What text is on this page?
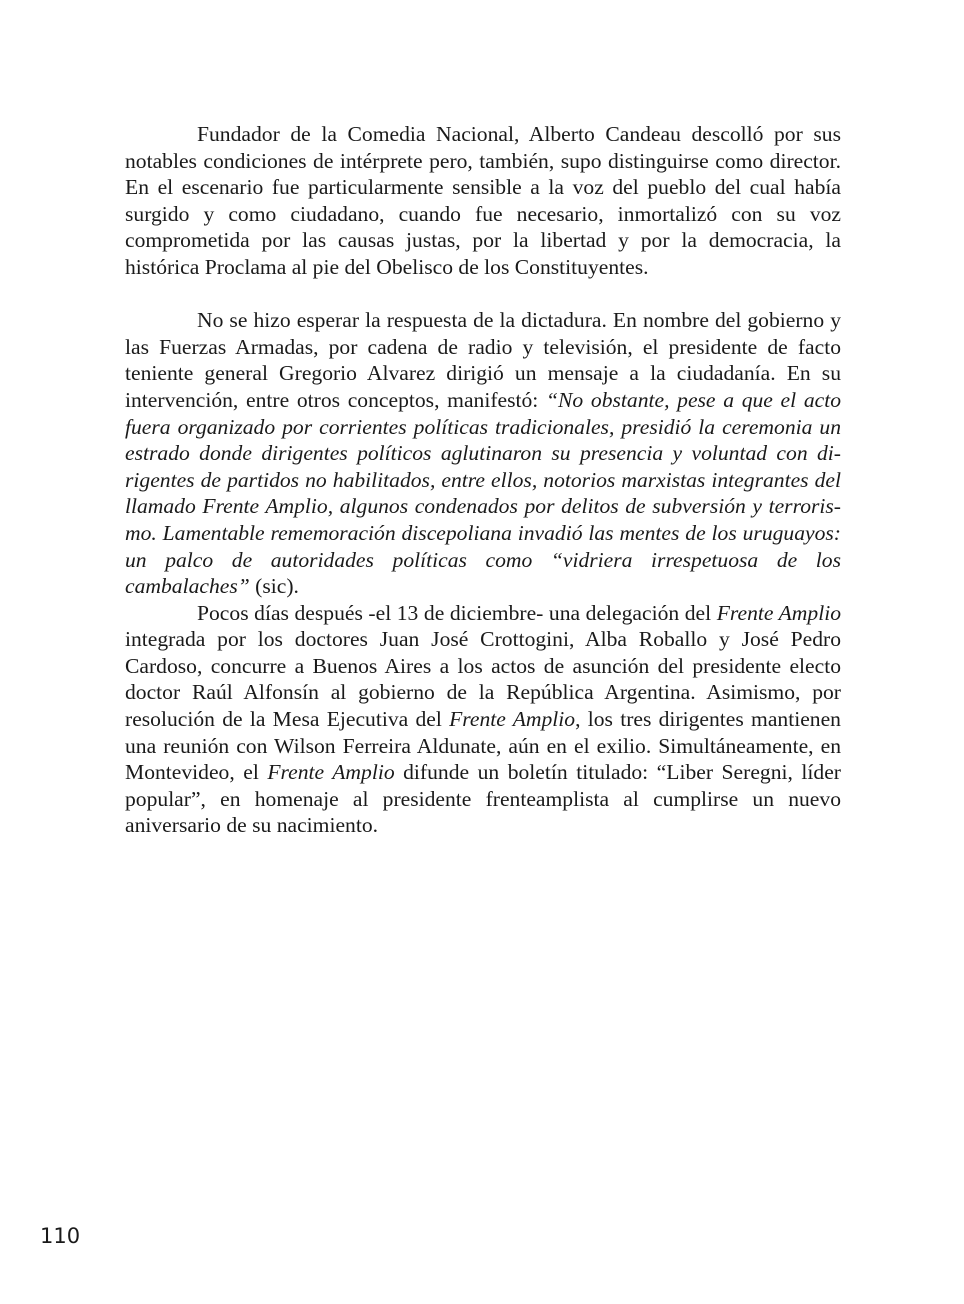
Fundador de la Comedia Nacional, Alberto Candeau descolló por sus notables condiciones de intérprete pero, también, supo distinguirse como director. En el escenario fue particularmente sensible a la voz del pueblo del cual había surgido y como ciudadano, cuando fue necesario, inmortalizó con su voz comprometida por las causas justas, por la libertad y por la democracia, la histórica Proclama al pie del Obelisco de los Constituyentes.

No se hizo esperar la respuesta de la dictadura. En nombre del gobierno y las Fuerzas Armadas, por cadena de radio y televisión, el presidente de facto teniente general Gregorio Alvarez dirigió un mensaje a la ciudadanía. En su intervención, entre otros conceptos, manifestó: “No obstante, pese a que el acto fuera organizado por corrientes políticas tradicionales, presidió la ceremonia un estrado donde dirigentes políticos aglutinaron su presencia y voluntad con dirigentes de partidos no habilitados, entre ellos, notorios marxistas integrantes del llamado Frente Amplio, algunos condenados por delitos de subversión y terrorismo. Lamentable rememoración discepoliana invadió las mentes de los uruguayos: un palco de autoridades políticas como “vidriera irrespetuosa de los cambalaches” (sic).

Pocos días después -el 13 de diciembre- una delegación del Frente Amplio integrada por los doctores Juan José Crottogini, Alba Roballo y José Pedro Cardoso, concurre a Buenos Aires a los actos de asunción del presidente electo doctor Raúl Alfonsín al gobierno de la República Argentina. Asimismo, por resolución de la Mesa Ejecutiva del Frente Amplio, los tres dirigentes mantienen una reunión con Wilson Ferreira Aldunate, aún en el exilio. Simultáneamente, en Montevideo, el Frente Amplio difunde un boletín titulado: “Liber Seregni, líder popular”, en homenaje al presidente frenteamplista al cumplirse un nuevo aniversario de su nacimiento.

110
